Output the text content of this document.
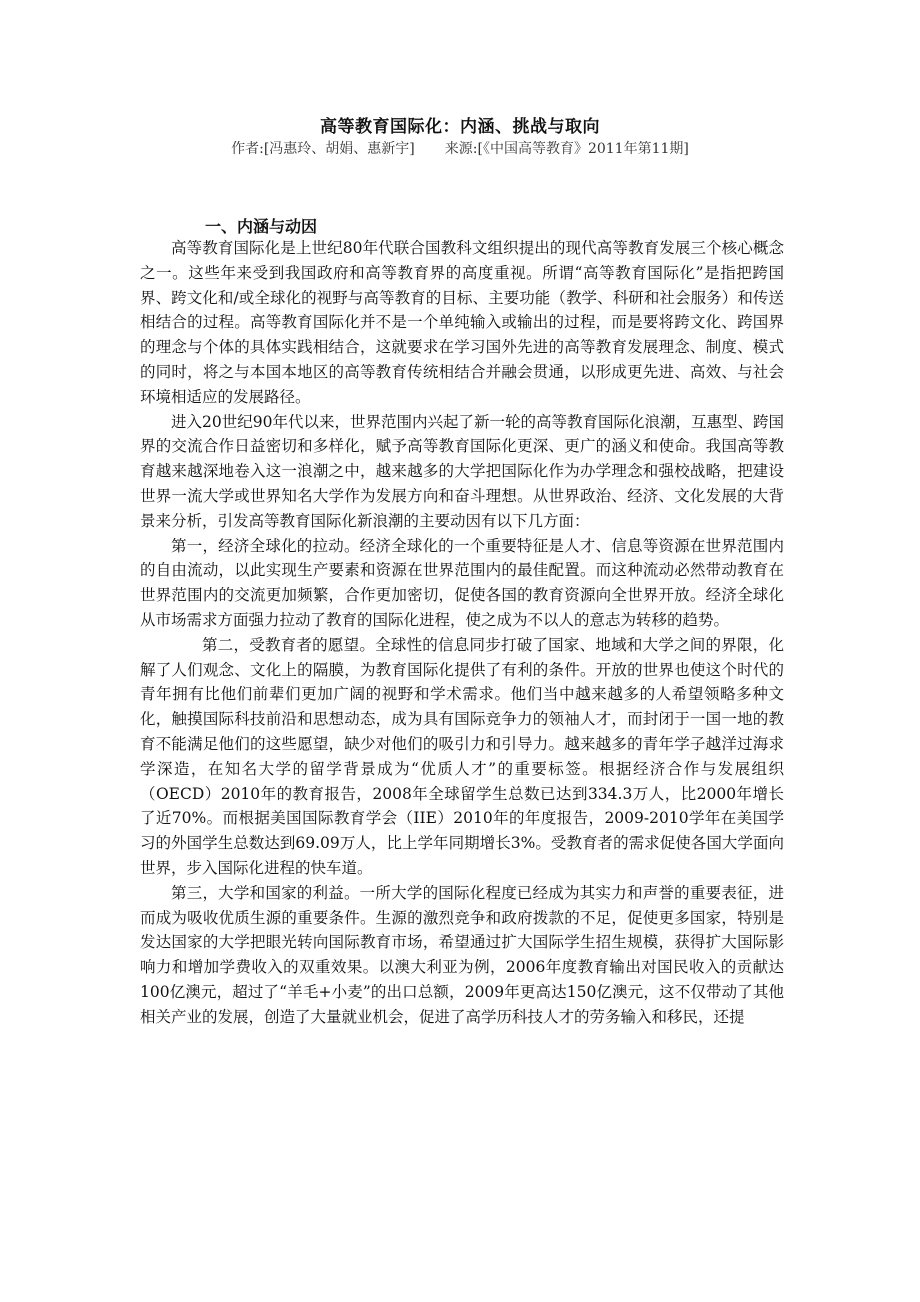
高等教育国际化：内涵、挑战与取向
作者:[冯惠玲、胡娟、惠新宇] 来源:[《中国高等教育》2011年第11期]
一、内涵与动因

高等教育国际化是上世纪80年代联合国教科文组织提出的现代高等教育发展三个核心概念之一。这些年来受到我国政府和高等教育界的高度重视。所谓“高等教育国际化”是指把跨国界、跨文化和/或全球化的视野与高等教育的目标、主要功能（教学、科研和社会服务）和传送相结合的过程。高等教育国际化并不是一个单纯输入或输出的过程，而是要将跨文化、跨国界的理念与个体的具体实践相结合，这就要求在学习国外先进的高等教育发展理念、制度、模式的同时，将之与本国本地区的高等教育传统相结合并融会贯通，以形成更先进、高效、与社会环境相适应的发展路径。

进入20世纪90年代以来，世界范围内兴起了新一轮的高等教育国际化浪潮，互惠型、跨国界的交流合作日益密切和多样化，赋予高等教育国际化更深、更广的涵义和使命。我国高等教育越来越深地卷入这一浪潮之中，越来越多的大学把国际化作为办学理念和强校战略，把建设世界一流大学或世界知名大学作为发展方向和奋斗理想。从世界政治、经济、文化发展的大背景来分析，引发高等教育国际化新浪潮的主要动因有以下几方面：

第一，经济全球化的拉动。经济全球化的一个重要特征是人才、信息等资源在世界范围内的自由流动，以此实现生产要素和资源在世界范围内的最佳配置。而这种流动必然带动教育在世界范围内的交流更加频繁，合作更加密切，促使各国的教育资源向全世界开放。经济全球化从市场需求方面强力拉动了教育的国际化进程，使之成为不以人的意志为转移的趋势。

第二，受教育者的愿望。全球性的信息同步打破了国家、地域和大学之间的界限，化解了人们观念、文化上的隔膜，为教育国际化提供了有利的条件。开放的世界也使这个时代的青年拥有比他们前辈们更加广阔的视野和学术需求。他们当中越来越多的人希望领略多种文化，触摸国际科技前沿和思想动态，成为具有国际竞争力的领袖人才，而封闭于一国一地的教育不能满足他们的这些愿望，缺少对他们的吸引力和引导力。越来越多的青年学子越洋过海求学深造，在知名大学的留学背景成为“优质人才”的重要标签。根据经济合作与发展组织（OECD）2010年的教育报告，2008年全球留学生总数已达到334.3万人，比2000年增长了近70%。而根据美国国际教育学会（IIE）2010年的年度报告，2009-2010学年在美国学习的外国学生总数达到69.09万人，比上学年同期增长3%。受教育者的需求促使各国大学面向世界，步入国际化进程的快车道。

第三，大学和国家的利益。一所大学的国际化程度已经成为其实力和声誉的重要表征，进而成为吸收优质生源的重要条件。生源的激烈竞争和政府拨款的不足，促使更多国家，特别是发达国家的大学把眼光转向国际教育市场，希望通过扩大国际学生招生规模，获得扩大国际影响力和增加学费收入的双重效果。以澳大利亚为例，2006年度教育输出对国民收入的贡献达100亿澳元，超过了“羊毛+小麦”的出口总额，2009年更高达150亿澳元，这不仅带动了其他相关产业的发展，创造了大量就业机会，促进了高学历科技人才的劳务输入和移民，还提
